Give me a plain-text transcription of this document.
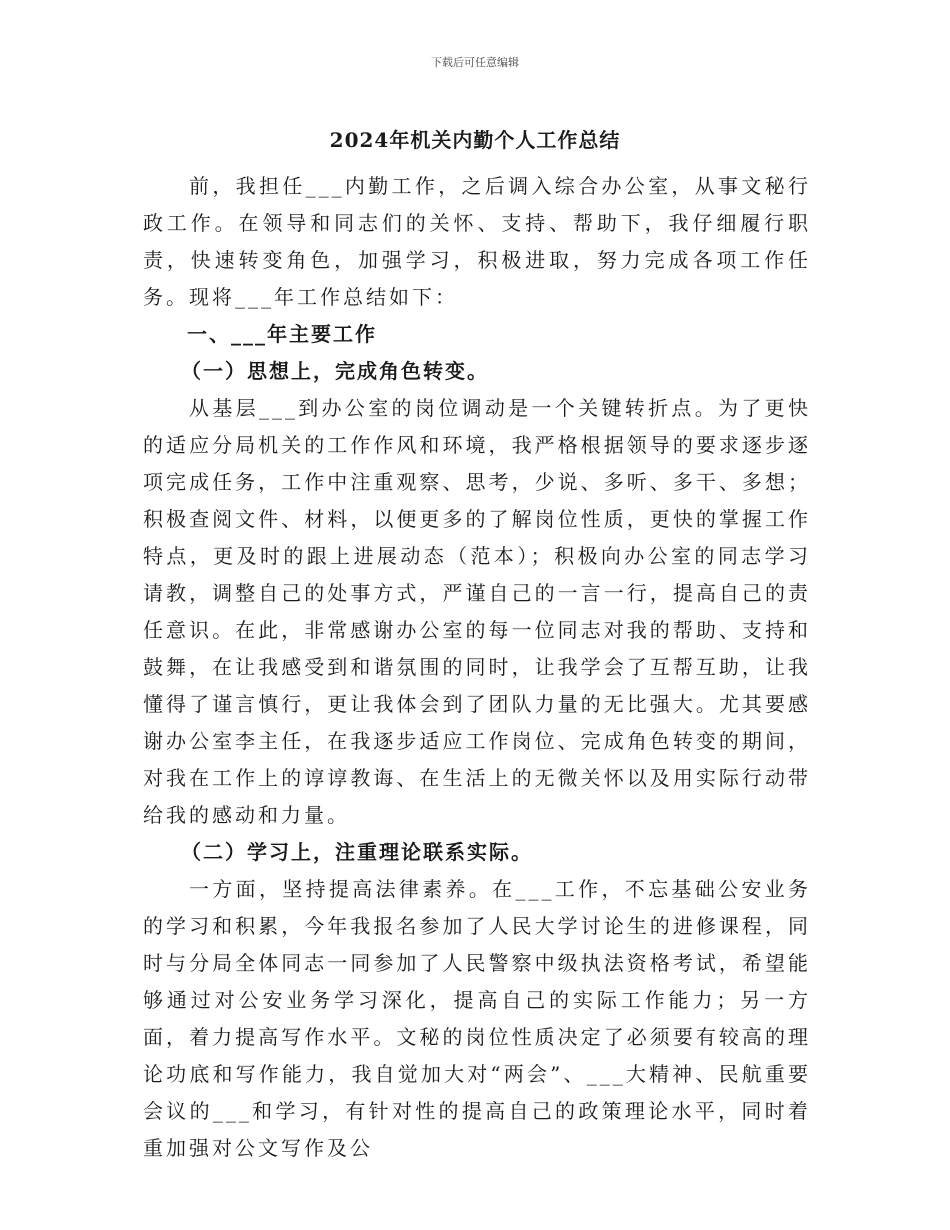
下载后可任意编辑
2024年机关内勤个人工作总结

前，我担任___内勤工作，之后调入综合办公室，从事文秘行政工作。在领导和同志们的关怀、支持、帮助下，我仔细履行职责，快速转变角色，加强学习，积极进取，努力完成各项工作任务。现将___年工作总结如下：

一、___年主要工作

（一）思想上，完成角色转变。

从基层___到办公室的岗位调动是一个关键转折点。为了更快的适应分局机关的工作作风和环境，我严格根据领导的要求逐步逐项完成任务，工作中注重观察、思考，少说、多听、多干、多想；积极查阅文件、材料，以便更多的了解岗位性质，更快的掌握工作特点，更及时的跟上进展动态（范本）；积极向办公室的同志学习请教，调整自己的处事方式，严谨自己的一言一行，提高自己的责任意识。在此，非常感谢办公室的每一位同志对我的帮助、支持和鼓舞，在让我感受到和谐氛围的同时，让我学会了互帮互助，让我懂得了谨言慎行，更让我体会到了团队力量的无比强大。尤其要感谢办公室李主任，在我逐步适应工作岗位、完成角色转变的期间，对我在工作上的谆谆教诲、在生活上的无微关怀以及用实际行动带给我的感动和力量。

（二）学习上，注重理论联系实际。

一方面，坚持提高法律素养。在___工作，不忘基础公安业务的学习和积累，今年我报名参加了人民大学讨论生的进修课程，同时与分局全体同志一同参加了人民警察中级执法资格考试，希望能够通过对公安业务学习深化，提高自己的实际工作能力；另一方面，着力提高写作水平。文秘的岗位性质决定了必须要有较高的理论功底和写作能力，我自觉加大对“两会”、___大精神、民航重要会议的___和学习，有针对性的提高自己的政策理论水平，同时着重加强对公文写作及公
